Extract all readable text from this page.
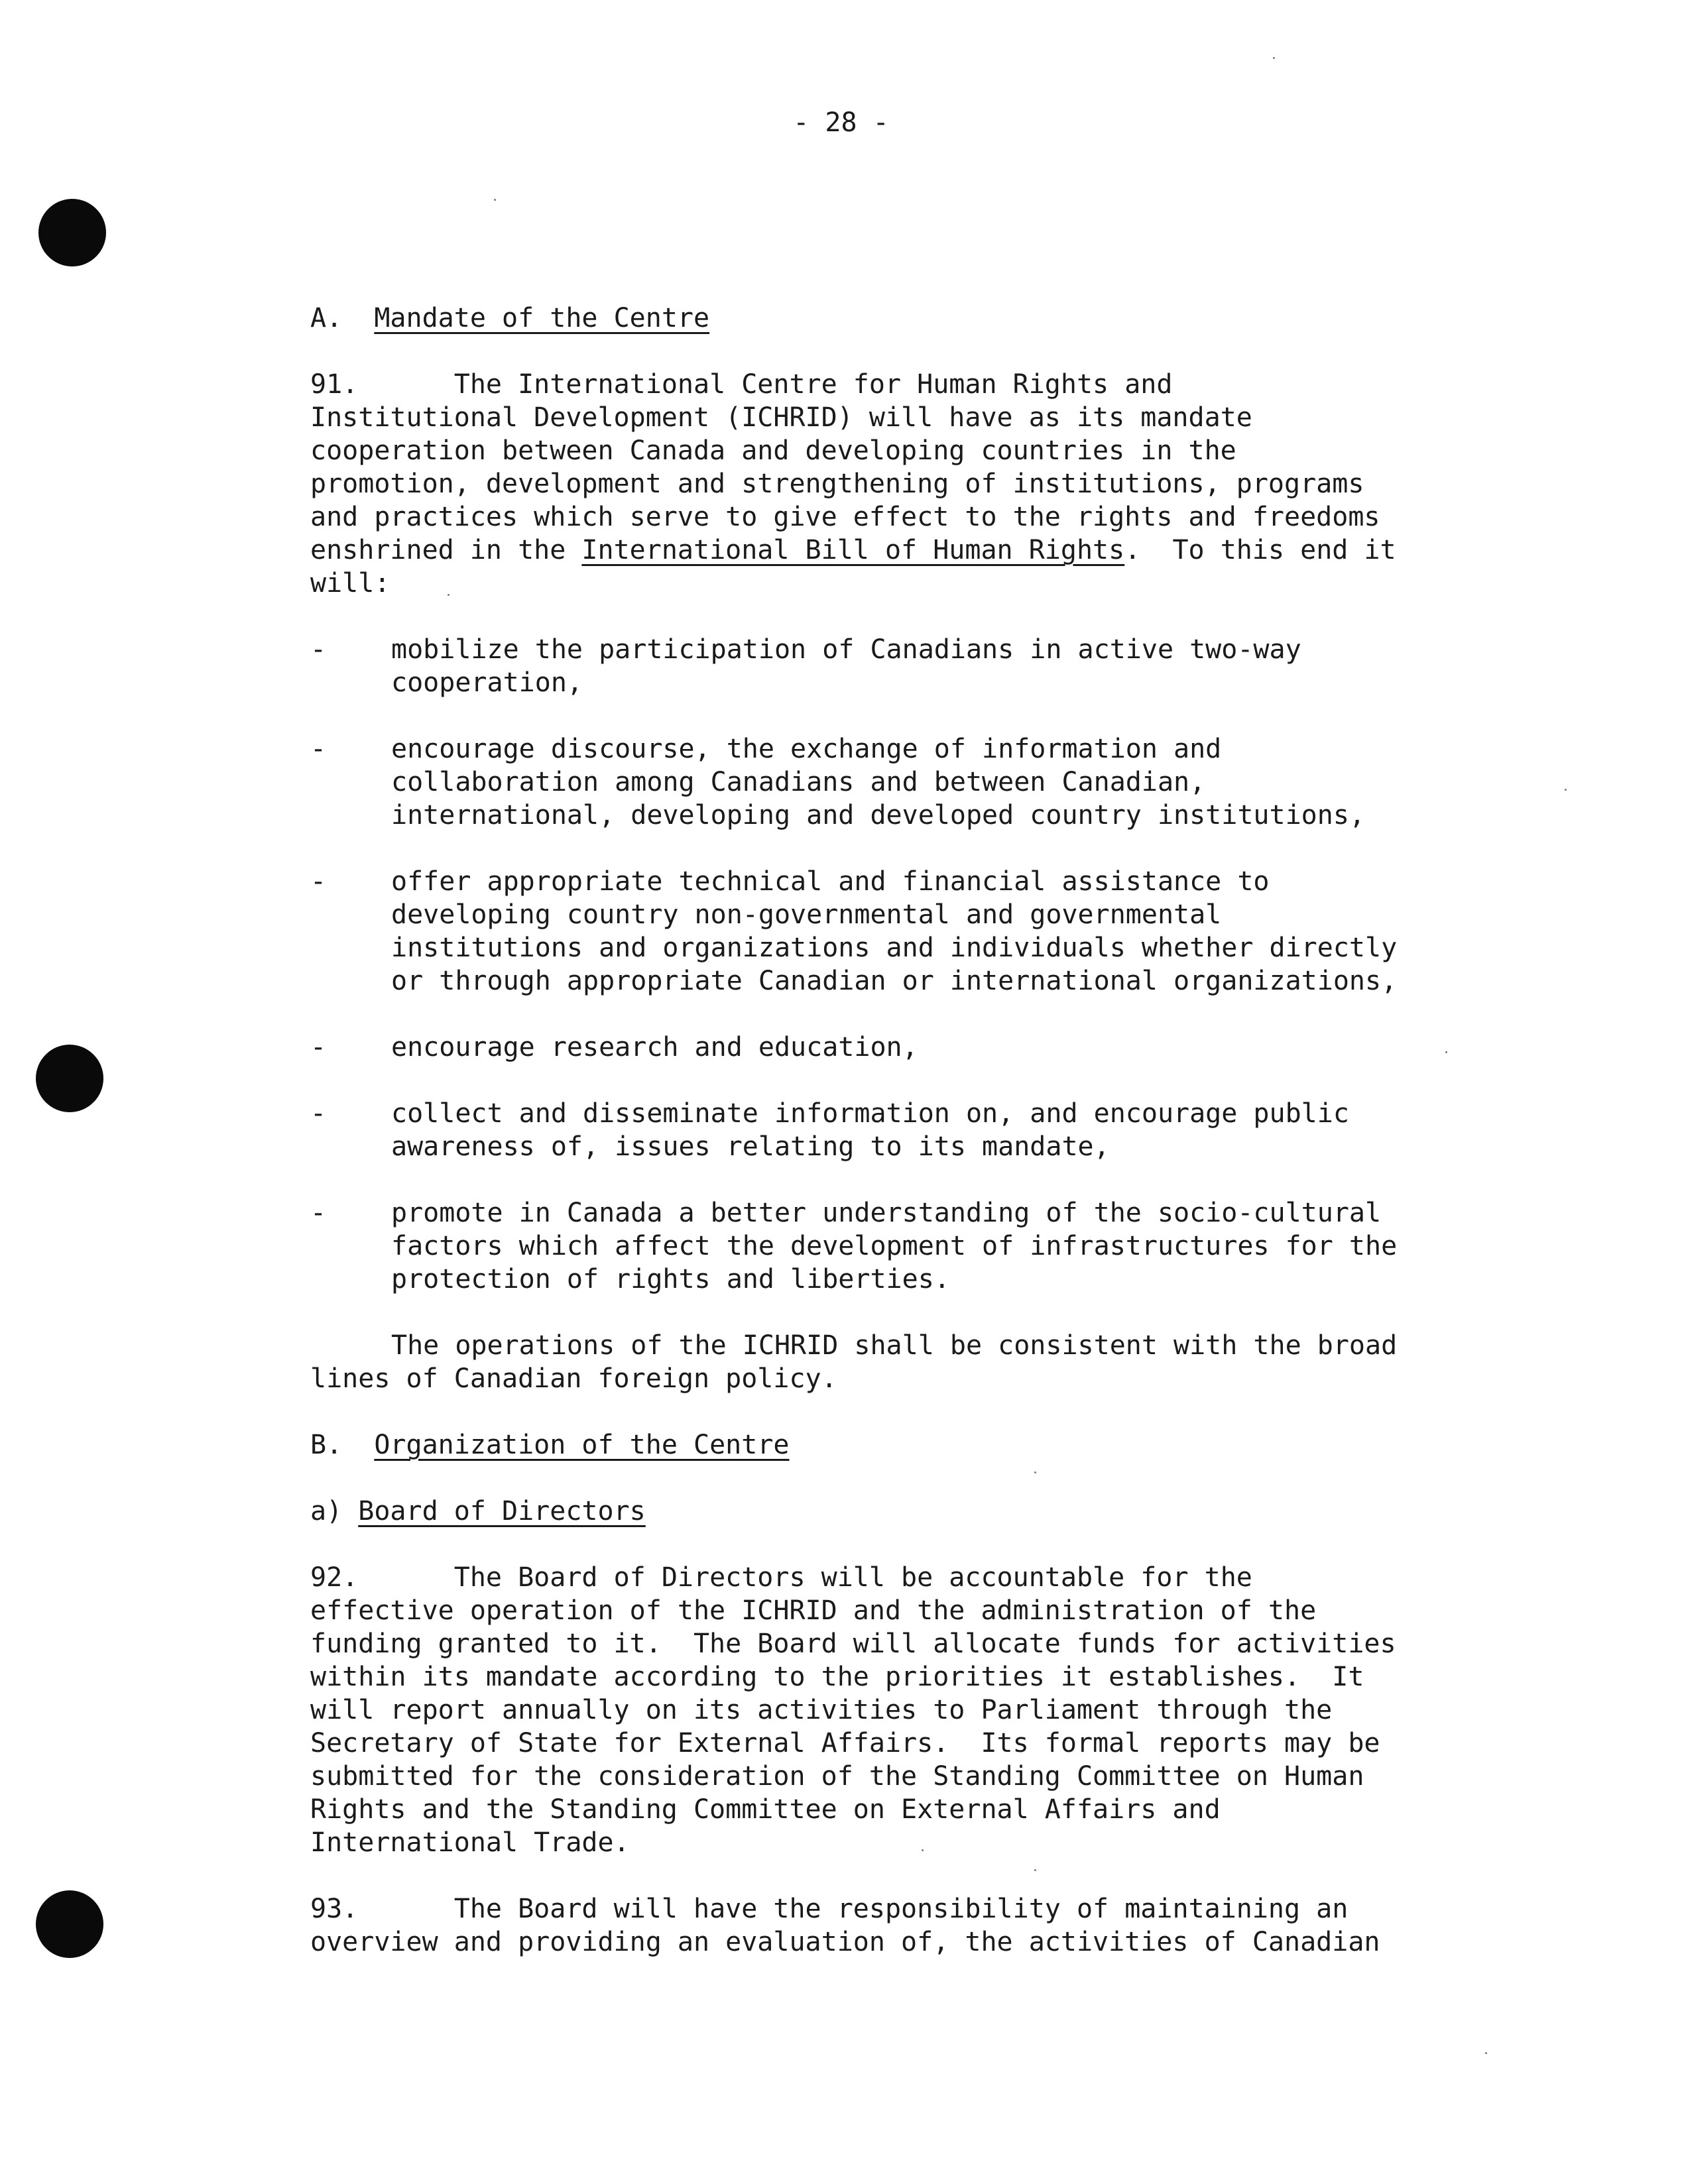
- 28 -
A. Mandate of the Centre
91.	The International Centre for Human Rights and
Institutional Development (ICHRID) will have as its mandate
cooperation between Canada and developing countries in the
promotion, development and strengthening of institutions, programs
and practices which serve to give effect to the rights and freedoms
enshrined in the International Bill of Human Rights.  To this end it
will:
- mobilize the participation of Canadians in active two-way
cooperation,
- encourage discourse, the exchange of information and
collaboration among Canadians and between Canadian,
international, developing and developed country institutions,
- offer appropriate technical and financial assistance to
developing country non-governmental and governmental
institutions and organizations and individuals whether directly
or through appropriate Canadian or international organizations,
- encourage research and education,
- collect and disseminate information on, and encourage public
awareness of, issues relating to its mandate,
- promote in Canada a better understanding of the socio-cultural
factors which affect the development of infrastructures for the
protection of rights and liberties.
The operations of the ICHRID shall be consistent with the broad
lines of Canadian foreign policy.
B. Organization of the Centre
a) Board of Directors
92.	The Board of Directors will be accountable for the
effective operation of the ICHRID and the administration of the
funding granted to it.  The Board will allocate funds for activities
within its mandate according to the priorities it establishes.  It
will report annually on its activities to Parliament through the
Secretary of State for External Affairs.  Its formal reports may be
submitted for the consideration of the Standing Committee on Human
Rights and the Standing Committee on External Affairs and
International Trade.
93.	The Board will have the responsibility of maintaining an
overview and providing an evaluation of, the activities of Canadian
